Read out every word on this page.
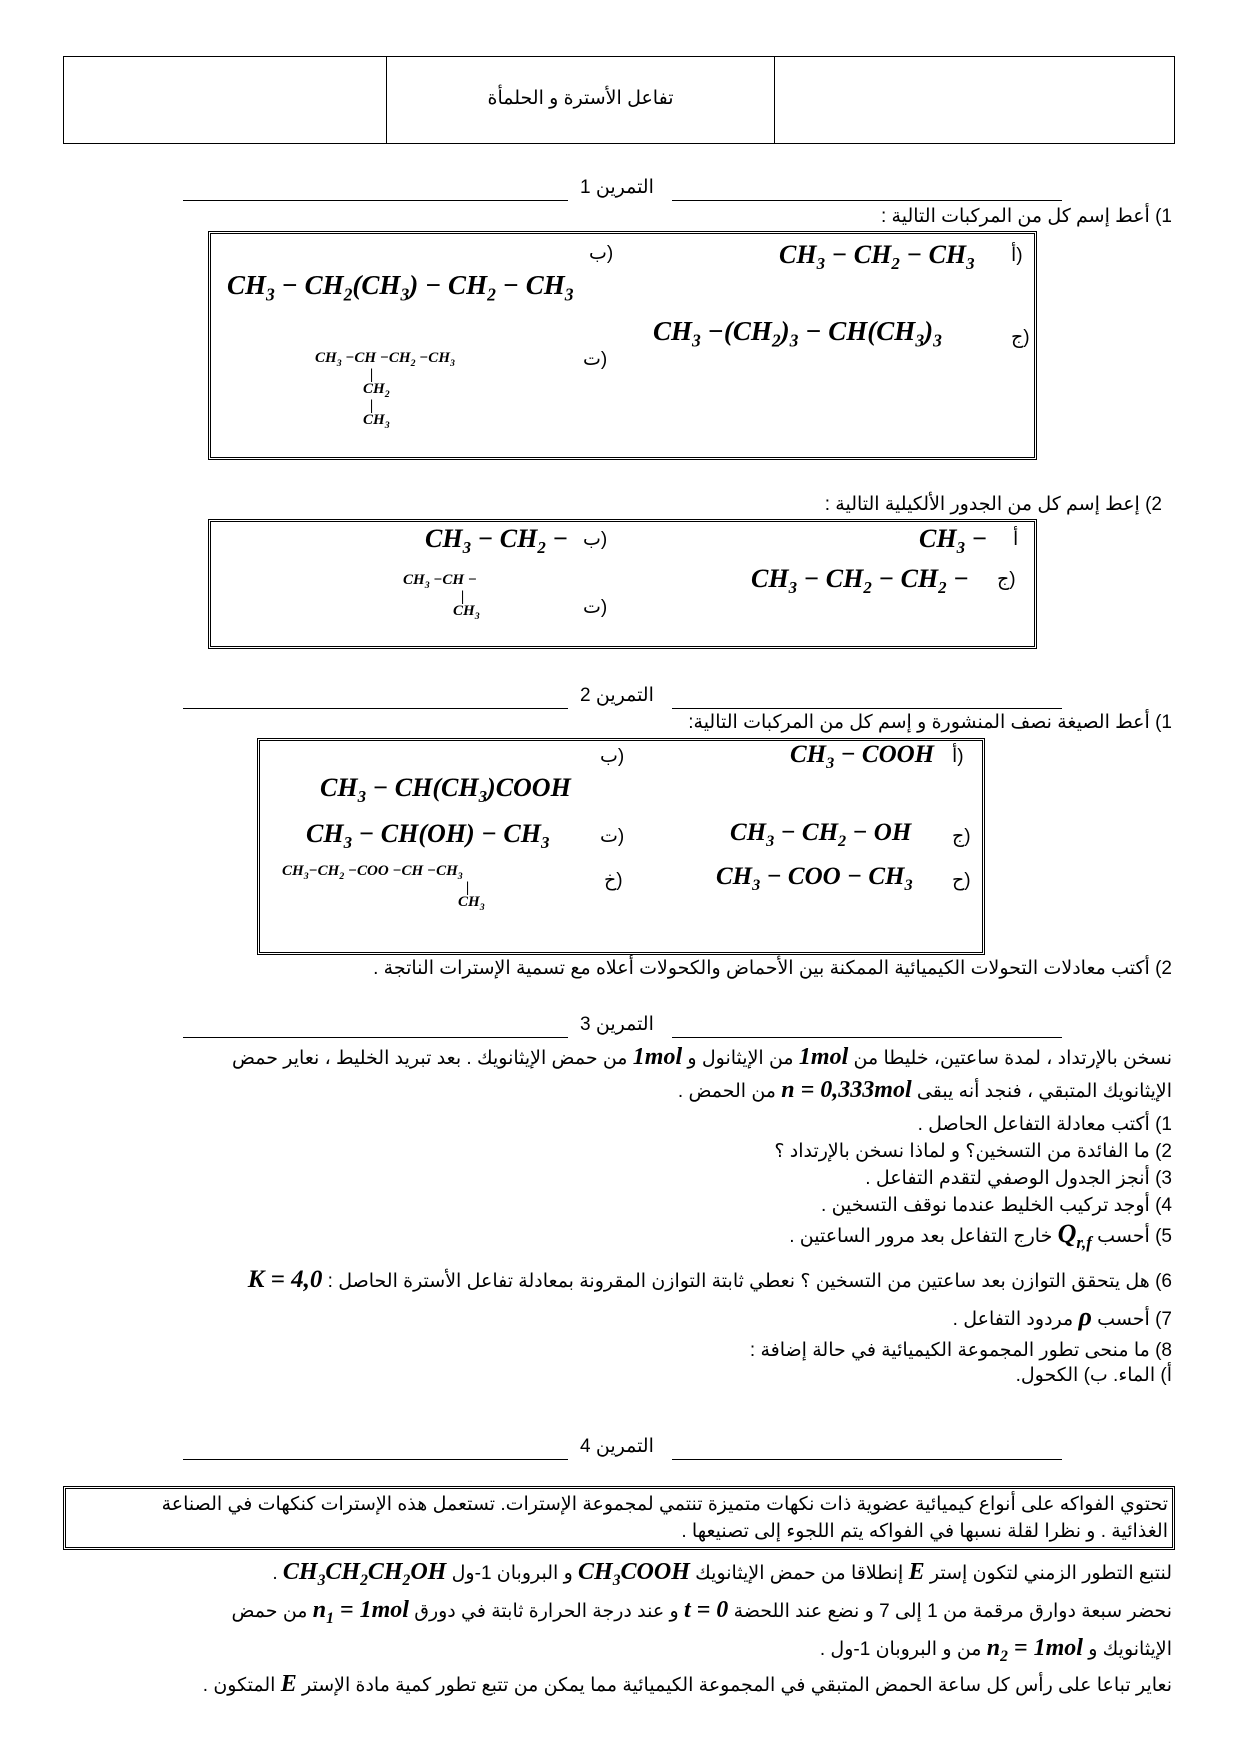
تفاعل الأسترة و الحلمأة
التمرين 1
1) أعط إسم كل من المركبات التالية :
أ)
$CH_3 - CH_2 - CH_3$
ب)
$CH_3 - CH_2(CH_3) - CH_2 - CH_3$
ج)
$CH_3 -(CH_2)_3 - CH(CH_3)_3$
ت)
$CH_3 -CH -CH_2 -CH_3$
|
$CH_2$
|
$CH_3$
2) إعط إسم كل من الجدور الألكيلية التالية :
أ
$CH_3$ −
ب)
$CH_3 - CH_2$ −
ج)
$CH_3 - CH_2 - CH_2$ −
ت)
$CH_3 -CH$ −
|
$CH_3$
التمرين 2
1) أعط الصيغة نصف المنشورة و إسم كل من المركبات التالية:
أ)
$CH_3$ − COOH
ب)
$CH_3$ − $CH(CH_3)COOH$
ج)
$CH_3 - CH_2$ − OH
ت)
$CH_3 - CH(OH) - CH_3$
ح)
$CH_3$ − COO − $CH_3$
خ)
$CH_3-CH_2 -COO -CH -CH_3$
|
$CH_3$
2) أكتب معادلات التحولات الكيميائية الممكنة بين الأحماض والكحولات أعلاه مع تسمية الإسترات الناتجة .
التمرين 3
نسخن بالإرتداد ، لمدة ساعتين، خليطا من 1mol من الإيثانول و 1mol من حمض الإيثانويك . بعد تبريد الخليط ، نعاير حمض
الإيثانويك المتبقي ، فنجد أنه يبقى n = 0,333mol من الحمض .
1) أكتب معادلة التفاعل الحاصل .
2) ما الفائدة من التسخين؟ و لماذا نسخن بالإرتداد ؟
3) أنجز الجدول الوصفي لتقدم التفاعل .
4) أوجد تركيب الخليط عندما نوقف التسخين .
5) أحسب $Q_{r,f}$ خارج التفاعل بعد مرور الساعتين .
6) هل يتحقق التوازن بعد ساعتين من التسخين ؟ نعطي ثابتة التوازن المقرونة بمعادلة تفاعل الأسترة الحاصل : K = 4,0
7) أحسب ρ مردود التفاعل .
8) ما منحى تطور المجموعة الكيميائية في حالة إضافة :
أ) الماء. ب) الكحول.
التمرين 4
تحتوي الفواكه على أنواع كيميائية عضوية ذات نكهات متميزة تنتمي لمجموعة الإسترات. تستعمل هذه الإسترات كنكهات في الصناعة
الغذائية . و نظرا لقلة نسبها في الفواكه يتم اللجوء إلى تصنيعها .
لنتبع التطور الزمني لتكون إستر E إنطلاقا من حمض الإيثانويك $CH_3COOH$ و البروبان 1-ول $CH_3CH_2CH_2OH$ .
نحضر سبعة دوارق مرقمة من 1 إلى 7 و نضع عند اللحضة t = 0 و عند درجة الحرارة ثابتة في دورق $n_1 = 1mol$ من حمض
الإيثانويك و $n_2 = 1mol$ من و البروبان 1-ول .
نعاير تباعا على رأس كل ساعة الحمض المتبقي في المجموعة الكيميائية مما يمكن من تتبع تطور كمية مادة الإستر E المتكون .
